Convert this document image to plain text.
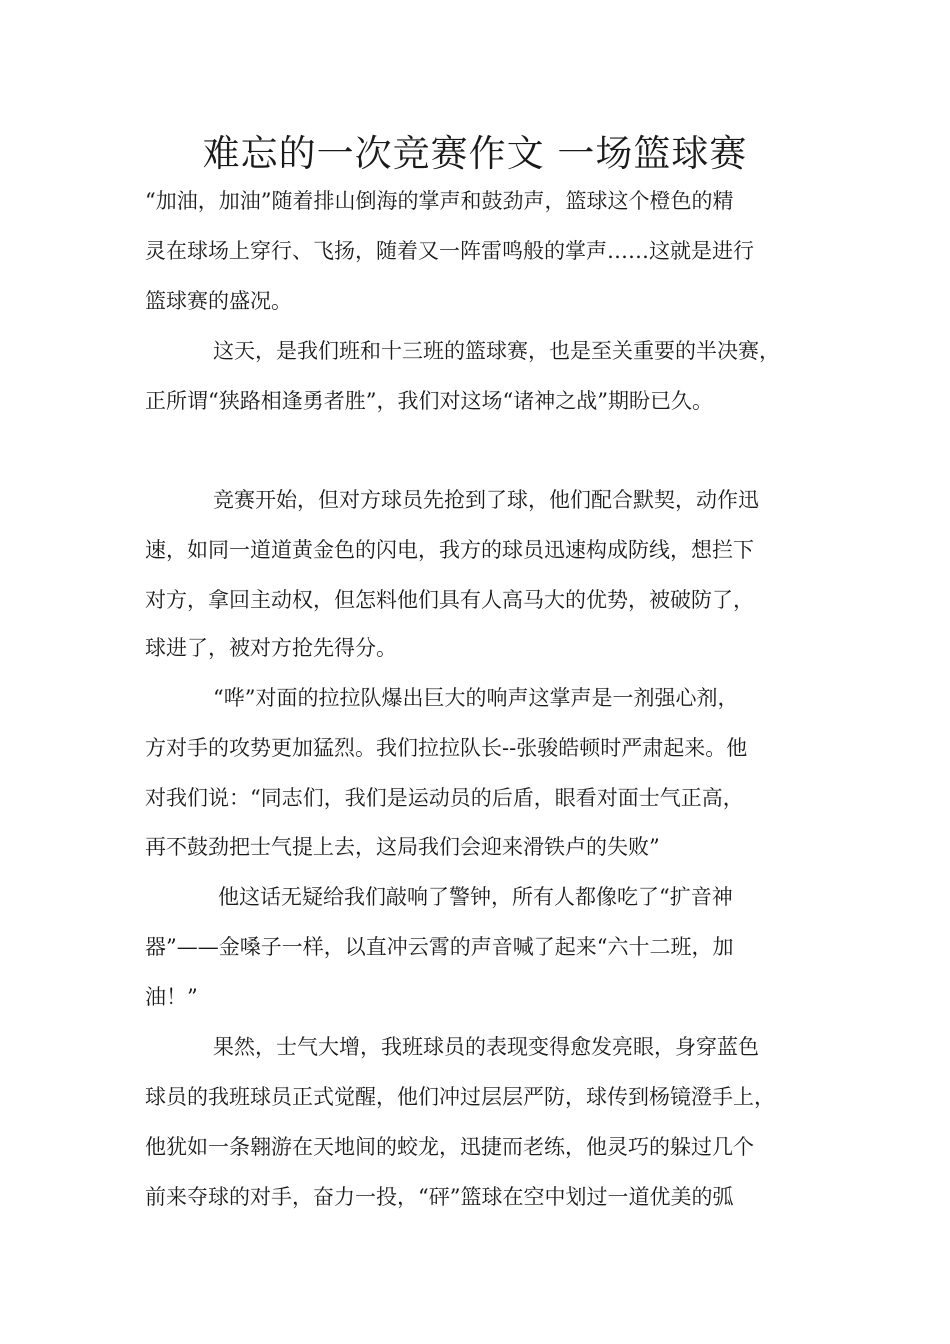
难忘的一次竞赛作文 一场篮球赛

“加油，加油”随着排山倒海的掌声和鼓劲声，篮球这个橙色的精

灵在球场上穿行、飞扬，随着又一阵雷鸣般的掌声……这就是进行

篮球赛的盛况。

这天，是我们班和十三班的篮球赛，也是至关重要的半决赛，

正所谓“狭路相逢勇者胜”，我们对这场“诸神之战”期盼已久。

竞赛开始，但对方球员先抢到了球，他们配合默契，动作迅

速，如同一道道黄金色的闪电，我方的球员迅速构成防线，想拦下

对方，拿回主动权，但怎料他们具有人高马大的优势，被破防了，

球进了，被对方抢先得分。

“哗”对面的拉拉队爆出巨大的响声这掌声是一剂强心剂，

方对手的攻势更加猛烈。我们拉拉队长--张骏皓顿时严肃起来。他

对我们说：“同志们，我们是运动员的后盾，眼看对面士气正高，

再不鼓劲把士气提上去，这局我们会迎来滑铁卢的失败”

他这话无疑给我们敲响了警钟，所有人都像吃了“扩音神

器”——金嗓子一样，以直冲云霄的声音喊了起来“六十二班，加

油！”

果然，士气大增，我班球员的表现变得愈发亮眼，身穿蓝色

球员的我班球员正式觉醒，他们冲过层层严防，球传到杨镜澄手上，

他犹如一条翱游在天地间的蛟龙，迅捷而老练，他灵巧的躲过几个

前来夺球的对手，奋力一投，“砰”篮球在空中划过一道优美的弧
